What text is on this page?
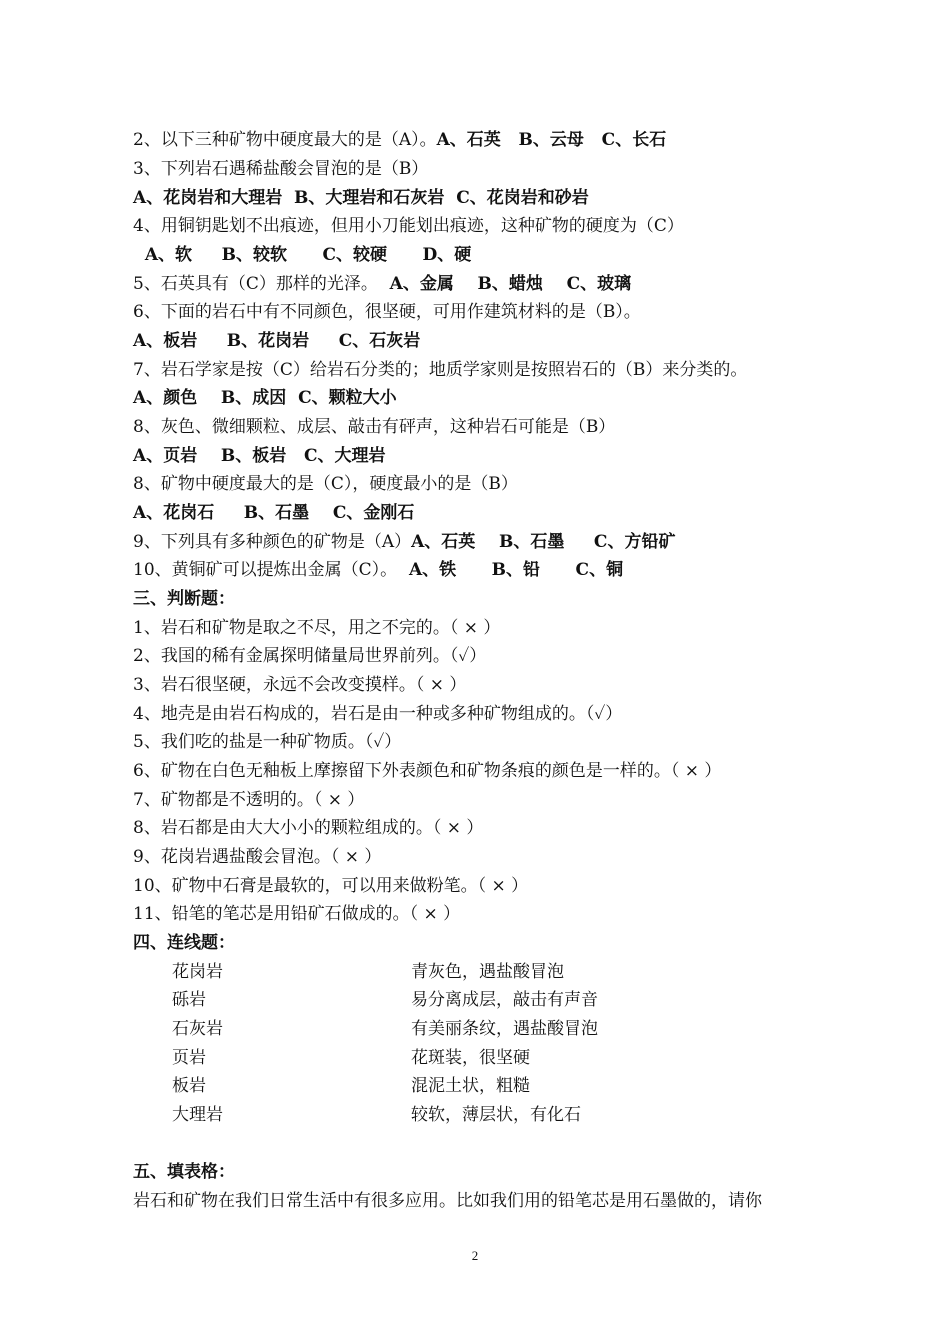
2、以下三种矿物中硬度最大的是（A）。A、石英   B、云母   C、长石
3、下列岩石遇稀盐酸会冒泡的是（B）
A、花岗岩和大理岩  B、大理岩和石灰岩  C、花岗岩和砂岩
4、用铜钥匙划不出痕迹，但用小刀能划出痕迹，这种矿物的硬度为（C）
A、软     B、较软      C、较硬      D、硬
5、石英具有（C）那样的光泽。  A、金属    B、蜡烛    C、玻璃
6、下面的岩石中有不同颜色，很坚硬，可用作建筑材料的是（B）。
A、板岩     B、花岗岩     C、石灰岩
7、岩石学家是按（C）给岩石分类的；地质学家则是按照岩石的（B）来分类的。
A、颜色    B、成因  C、颗粒大小
8、灰色、微细颗粒、成层、敲击有砰声，这种岩石可能是（B）
A、页岩    B、板岩   C、大理岩
8、矿物中硬度最大的是（C），硬度最小的是（B）
A、花岗石     B、石墨    C、金刚石
9、下列具有多种颜色的矿物是（A）A、石英    B、石墨     C、方铅矿
10、黄铜矿可以提炼出金属（C）。  A、铁      B、铅      C、铜
三、判断题：
1、岩石和矿物是取之不尽，用之不完的。（ × ）
2、我国的稀有金属探明储量局世界前列。（✓）
3、岩石很坚硬，永远不会改变摸样。（ × ）
4、地壳是由岩石构成的，岩石是由一种或多种矿物组成的。（✓）
5、我们吃的盐是一种矿物质。（✓）
6、矿物在白色无釉板上摩擦留下外表颜色和矿物条痕的颜色是一样的。（ × ）
7、矿物都是不透明的。（ × ）
8、岩石都是由大大小小的颗粒组成的。（ × ）
9、花岗岩遇盐酸会冒泡。（ × ）
10、矿物中石膏是最软的，可以用来做粉笔。（ × ）
11、铅笔的笔芯是用铅矿石做成的。（ × ）
四、连线题：
花岗岩	青灰色，遇盐酸冒泡
砾岩	易分离成层，敲击有声音
石灰岩	有美丽条纹，遇盐酸冒泡
页岩	花斑装，很坚硬
板岩	混泥土状，粗糙
大理岩	较软，薄层状，有化石
五、填表格：
岩石和矿物在我们日常生活中有很多应用。比如我们用的铅笔芯是用石墨做的，请你
2
